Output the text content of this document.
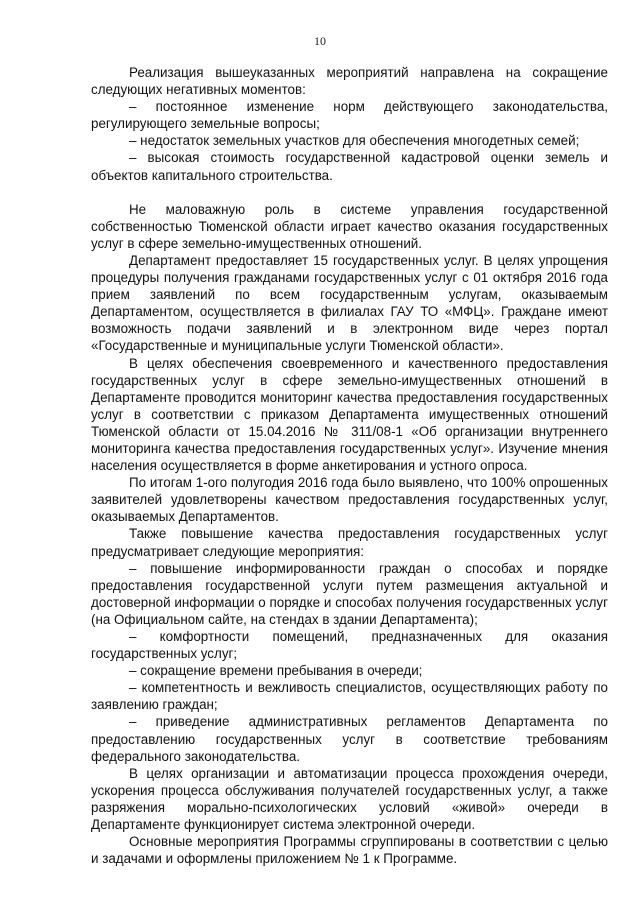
10

Реализация вышеуказанных мероприятий направлена на сокращение следующих негативных моментов:

– постоянное изменение норм действующего законодательства, регулирующего земельные вопросы;

– недостаток земельных участков для обеспечения многодетных семей;

– высокая стоимость государственной кадастровой оценки земель и объектов капитального строительства.

Не маловажную роль в системе управления государственной собственностью Тюменской области играет качество оказания государственных услуг в сфере земельно-имущественных отношений.

Департамент предоставляет 15 государственных услуг. В целях упрощения процедуры получения гражданами государственных услуг с 01 октября 2016 года прием заявлений по всем государственным услугам, оказываемым Департаментом, осуществляется в филиалах ГАУ ТО «МФЦ». Граждане имеют возможность подачи заявлений и в электронном виде через портал «Государственные и муниципальные услуги Тюменской области».

В целях обеспечения своевременного и качественного предоставления государственных услуг в сфере земельно-имущественных отношений в Департаменте проводится мониторинг качества предоставления государственных услуг в соответствии с приказом Департамента имущественных отношений Тюменской области от 15.04.2016 № 311/08-1 «Об организации внутреннего мониторинга качества предоставления государственных услуг». Изучение мнения населения осуществляется в форме анкетирования и устного опроса.

По итогам 1-ого полугодия 2016 года было выявлено, что 100% опрошенных заявителей удовлетворены качеством предоставления государственных услуг, оказываемых Департаментов.

Также повышение качества предоставления государственных услуг предусматривает следующие мероприятия:

– повышение информированности граждан о способах и порядке предоставления государственной услуги путем размещения актуальной и достоверной информации о порядке и способах получения государственных услуг (на Официальном сайте, на стендах в здании Департамента);

– комфортности помещений, предназначенных для оказания государственных услуг;

– сокращение времени пребывания в очереди;

– компетентность и вежливость специалистов, осуществляющих работу по заявлению граждан;

– приведение административных регламентов Департамента по предоставлению государственных услуг в соответствие требованиям федерального законодательства.

В целях организации и автоматизации процесса прохождения очереди, ускорения процесса обслуживания получателей государственных услуг, а также разряжения морально-психологических условий «живой» очереди в Департаменте функционирует система электронной очереди.

Основные мероприятия Программы сгруппированы в соответствии с целью и задачами и оформлены приложением № 1 к Программе.
